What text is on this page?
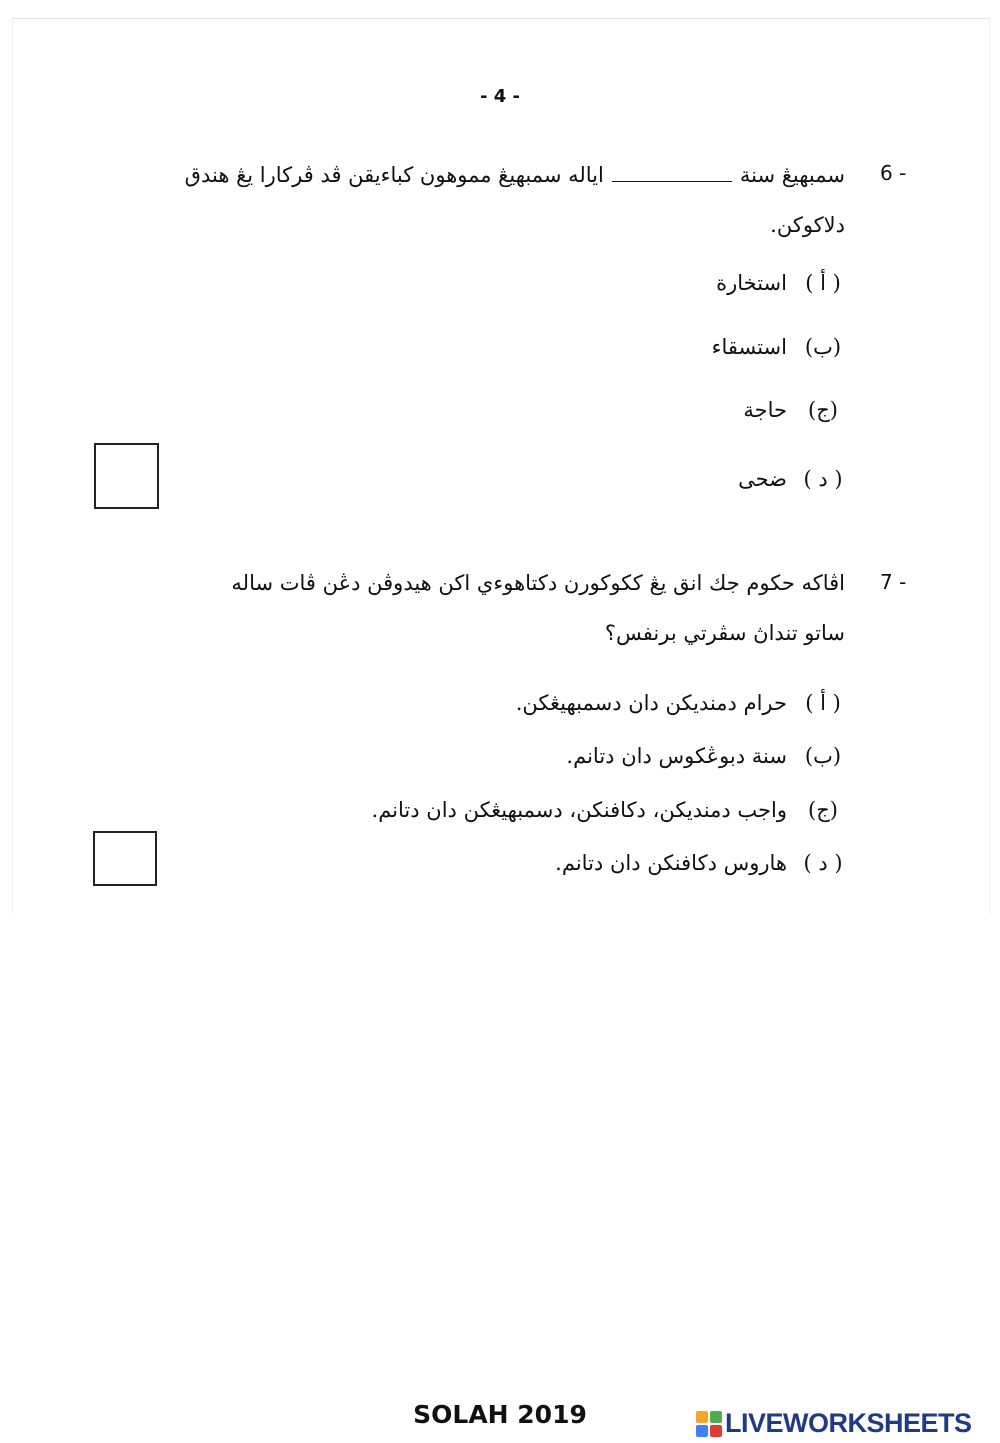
- 4 -
6 -
سمبهيڠ سنةاياله سمبهيڠ مموهون كباءيقن ڤد ڤركارا يڠ هندق
دلاكوكن.
( أ )
استخارة
(ب)
استسقاء
(ج)
حاجة
( د )
ضحى
7 -
اڤاكه حكوم جك انق يڠ ككوكورن دكتاهوءي اكن هيدوڤن دڠن ڤات ساله
ساتو تنداڽ سڤرتي برنفس؟
( أ )
حرام دمنديكن دان دسمبهيڠكن.
(ب)
سنة دبوڠكوس دان دتانم.
(ج)
واجب دمنديكن، دكافنكن، دسمبهيڠكن دان دتانم.
( د )
هاروس دكافنكن دان دتانم.
SOLAH 2019	LIVEWORKSHEETS
